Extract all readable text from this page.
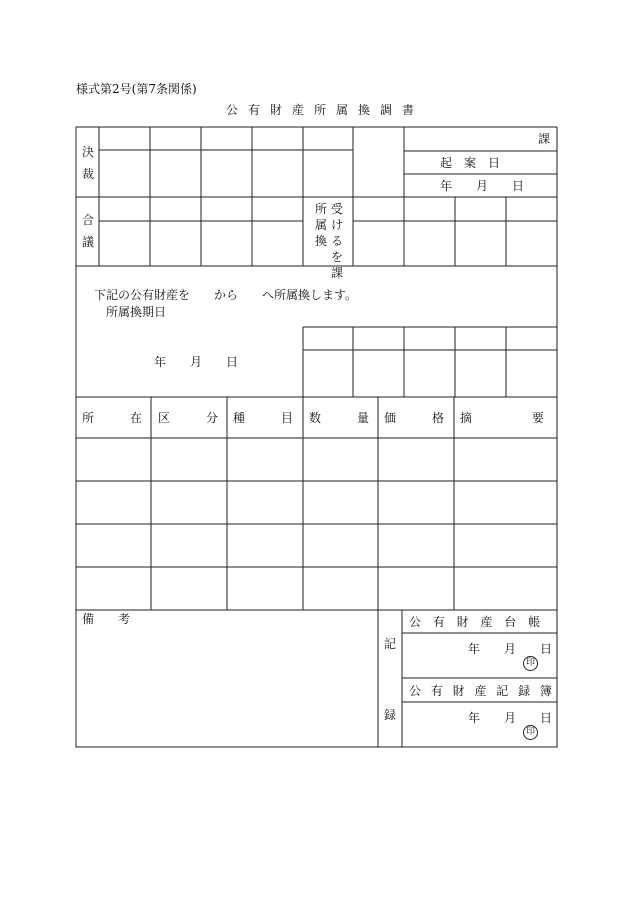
様式第2号(第7条関係)
公有財産所属換調書
決裁
課
起　案　日
年　　月　　日
合議
所属換
受けるを課
下記の公有財産を　　から　　へ所属換します。
所属換期日
年　　月　　日
所　　　在 区　　　分 種　　　目 数　　　量 価　　　格 摘　　　　　要
備　　考
記
録
公 有 財 産 台 帳
年　　月　　日
印
公 有 財 産 記 録 簿
年　　月　　日
印
